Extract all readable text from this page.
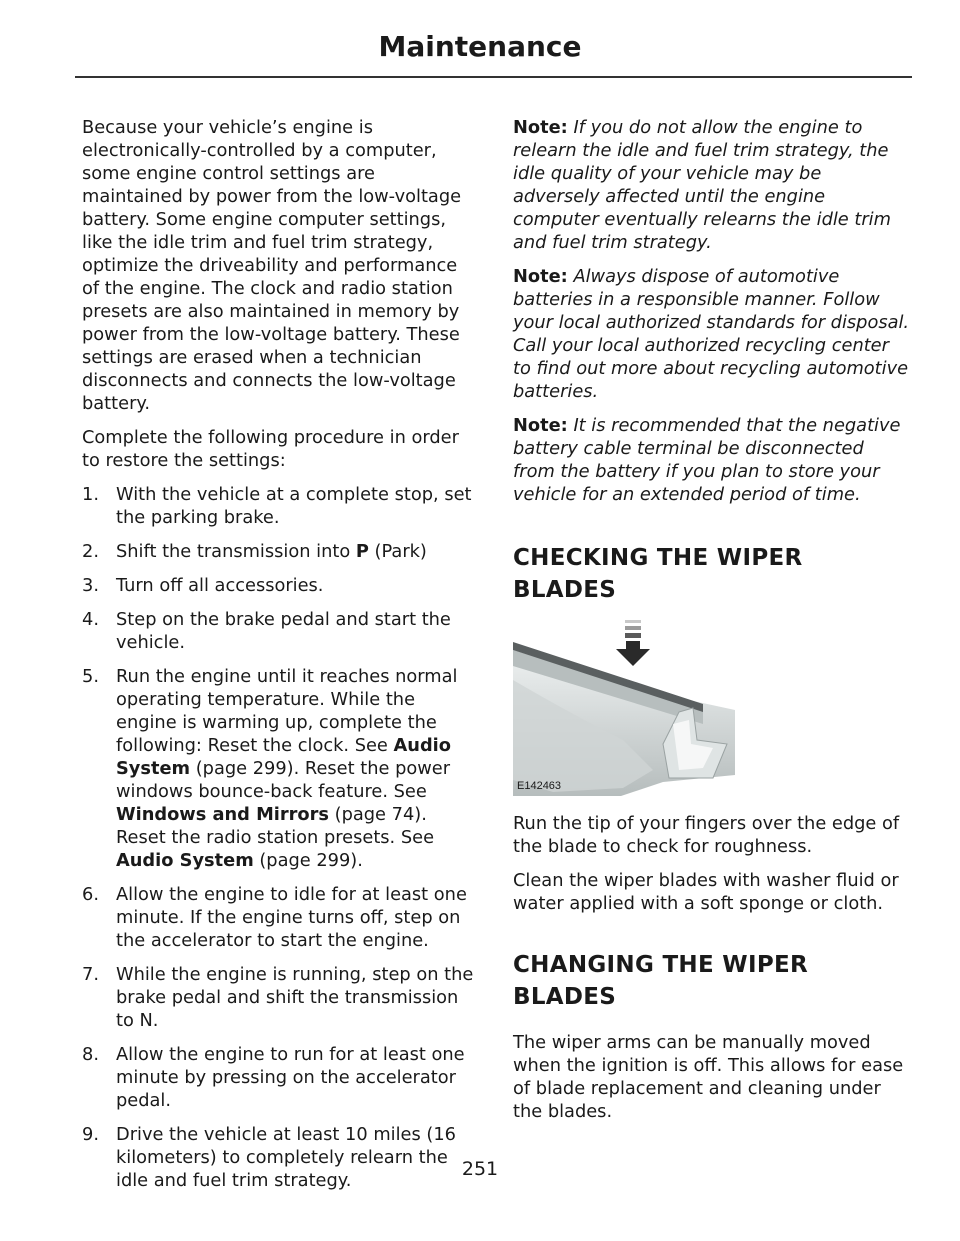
Maintenance

Because your vehicle’s engine is electronically-controlled by a computer, some engine control settings are maintained by power from the low-voltage battery. Some engine computer settings, like the idle trim and fuel trim strategy, optimize the driveability and performance of the engine. The clock and radio station presets are also maintained in memory by power from the low-voltage battery. These settings are erased when a technician disconnects and connects the low-voltage battery.

Complete the following procedure in order to restore the settings:

1. With the vehicle at a complete stop, set the parking brake.
2. Shift the transmission into P (Park)
3. Turn off all accessories.
4. Step on the brake pedal and start the vehicle.
5. Run the engine until it reaches normal operating temperature. While the engine is warming up, complete the following: Reset the clock. See Audio System (page 299). Reset the power windows bounce-back feature. See Windows and Mirrors (page 74). Reset the radio station presets. See Audio System (page 299).
6. Allow the engine to idle for at least one minute. If the engine turns off, step on the accelerator to start the engine.
7. While the engine is running, step on the brake pedal and shift the transmission to N.
8. Allow the engine to run for at least one minute by pressing on the accelerator pedal.
9. Drive the vehicle at least 10 miles (16 kilometers) to completely relearn the idle and fuel trim strategy.

Note: If you do not allow the engine to relearn the idle and fuel trim strategy, the idle quality of your vehicle may be adversely affected until the engine computer eventually relearns the idle trim and fuel trim strategy.

Note: Always dispose of automotive batteries in a responsible manner. Follow your local authorized standards for disposal. Call your local authorized recycling center to find out more about recycling automotive batteries.

Note: It is recommended that the negative battery cable terminal be disconnected from the battery if you plan to store your vehicle for an extended period of time.

CHECKING THE WIPER
BLADES
E142463

Run the tip of your fingers over the edge of the blade to check for roughness.

Clean the wiper blades with washer fluid or water applied with a soft sponge or cloth.

CHANGING THE WIPER
BLADES

The wiper arms can be manually moved when the ignition is off. This allows for ease of blade replacement and cleaning under the blades.

251
